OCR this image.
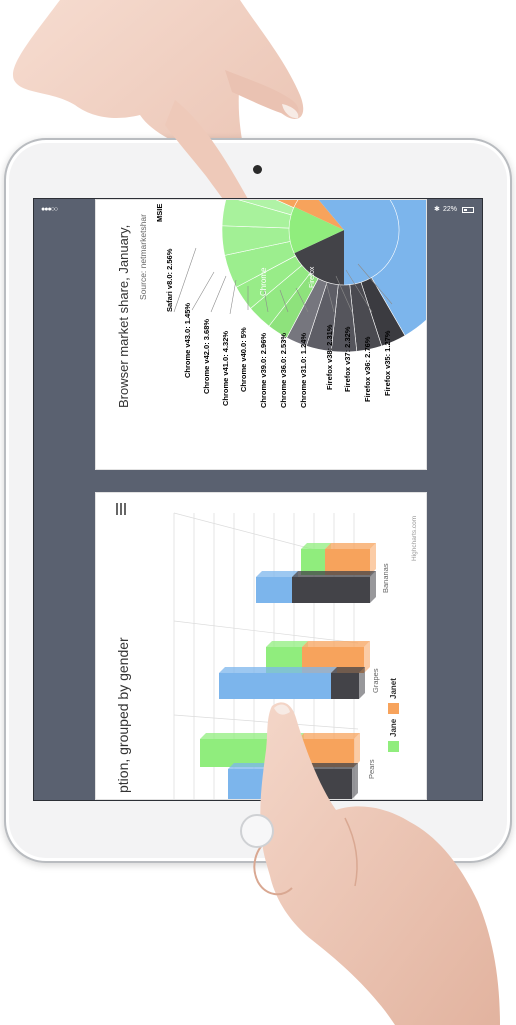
●●●○○	✱ 22%
Browser market share, January, Source: netmarketshar
MSIE
Chrome	Firefox
Safari v8.0: 2.56%
Chrome v43.0: 1.45% Chrome v42.0: 3.68% Chrome v41.0: 4.32% Chrome v40.0: 5% Chrome v39.0: 2.96% Chrome v36.0: 2.53% Chrome v31.0: 1.24% Firefox v38: 2.31% Firefox v37: 2.32% Firefox v36: 2.76% Firefox v35: 1.27%
Highcharts.com
ption, grouped by gender	Pears
Grapes
Bananas
Jane
Janet
